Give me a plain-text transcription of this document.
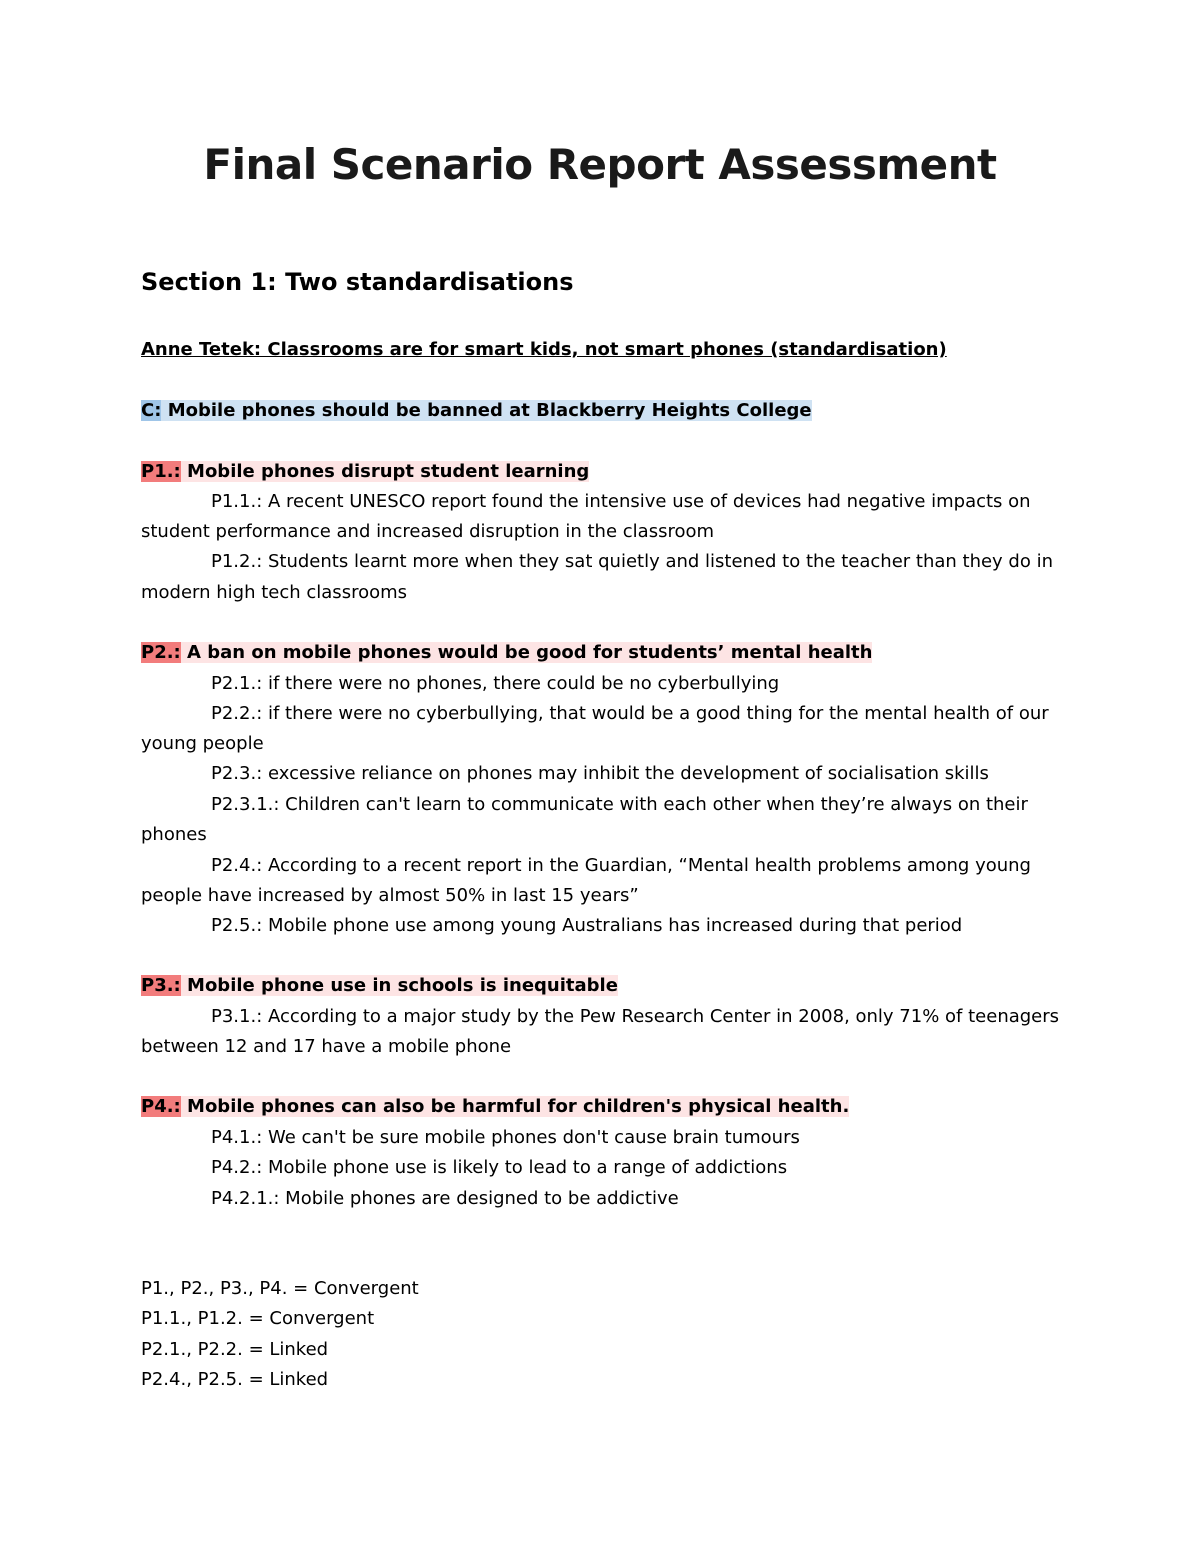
Final Scenario Report Assessment
Section 1: Two standardisations
Anne Tetek: Classrooms are for smart kids, not smart phones (standardisation)
C: Mobile phones should be banned at Blackberry Heights College
P1.: Mobile phones disrupt student learning
P1.1.: A recent UNESCO report found the intensive use of devices had negative impacts on
student performance and increased disruption in the classroom
P1.2.: Students learnt more when they sat quietly and listened to the teacher than they do in
modern high tech classrooms
P2.: A ban on mobile phones would be good for students’ mental health
P2.1.: if there were no phones, there could be no cyberbullying
P2.2.: if there were no cyberbullying, that would be a good thing for the mental health of our
young people
P2.3.: excessive reliance on phones may inhibit the development of socialisation skills
P2.3.1.: Children can't learn to communicate with each other when they’re always on their
phones
P2.4.: According to a recent report in the Guardian, “Mental health problems among young
people have increased by almost 50% in last 15 years”
P2.5.: Mobile phone use among young Australians has increased during that period
P3.: Mobile phone use in schools is inequitable
P3.1.: According to a major study by the Pew Research Center in 2008, only 71% of teenagers
between 12 and 17 have a mobile phone
P4.: Mobile phones can also be harmful for children's physical health.
P4.1.: We can't be sure mobile phones don't cause brain tumours
P4.2.: Mobile phone use is likely to lead to a range of addictions
P4.2.1.: Mobile phones are designed to be addictive
P1., P2., P3., P4. = Convergent
P1.1., P1.2. = Convergent
P2.1., P2.2. = Linked
P2.4., P2.5. = Linked
